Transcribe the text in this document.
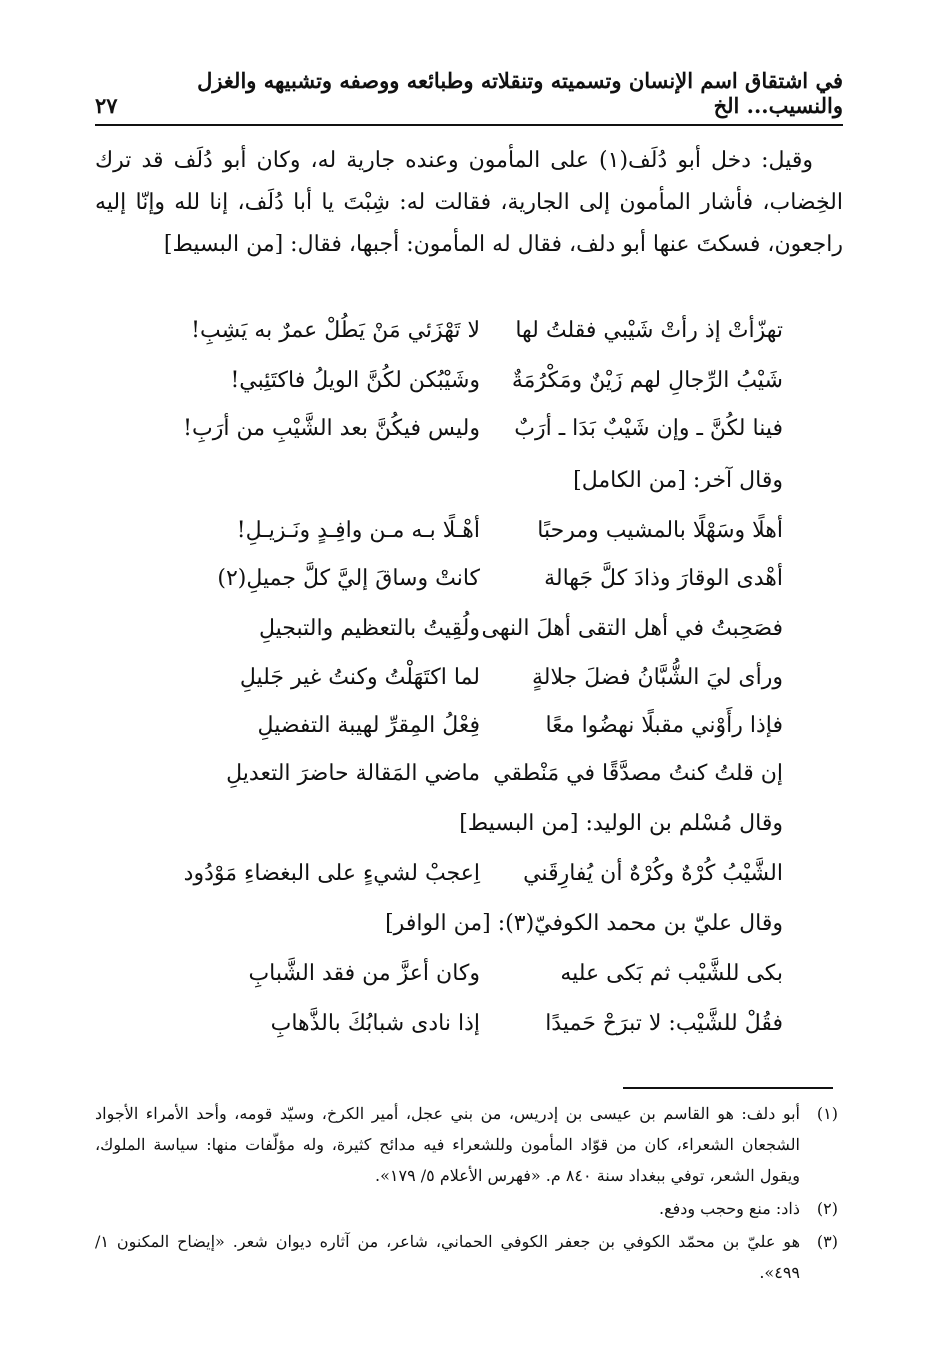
في اشتقاق اسم الإنسان وتسميته وتنقلاته وطبائعه ووصفه وتشبيهه والغزل والنسيب... الخ
٢٧

وقيل: دخل أبو دُلَف(١) على المأمون وعنده جارية له، وكان أبو دُلَف قد ترك الخِضاب، فأشار المأمون إلى الجارية، فقالت له: شِبْتَ يا أبا دُلَف، إنا لله وإنّا إليه راجعون، فسكتَ عنها أبو دلف، فقال له المأمون: أجبها، فقال: [من البسيط]

تهزّأتْ إذ رأتْ شَيْبي فقلتُ لها
لا تَهْزَئي مَنْ يَطُلْ عمرٌ به يَشِبِ!
شَيْبُ الرِّجالِ لهم زَيْنٌ ومَكْرُمَةٌ
وشَيْبُكن لكُنَّ الويلُ فاكتَئِبي!
فينا لكُنَّ ـ وإن شَيْبٌ بَدَا ـ أرَبٌ
وليس فيكُنَّ بعد الشَّيْبِ من أرَبِ!
وقال آخر: [من الكامل]
أهلًا وسَهْلًا بالمشيب ومرحبًا
أهْـلًا بـه مـن وافِـدٍ ونَـزيـلِ!
أهْدى الوقارَ وذادَ كلَّ جَهالة
كانتْ وساقَ إليَّ كلَّ جميلِ(٢)
فصَحِبتُ في أهل التقى أهلَ النهى
ولُقِيتُ بالتعظيم والتبجيلِ
ورأى ليَ الشُّبَّانُ فضلَ جلالةٍ
لما اكتَهَلْتُ وكنتُ غير جَليلِ
فإذا رأَوْني مقبلًا نهضُوا معًا
فِعْلُ المِقرِّ لهيبة التفضيلِ
إن قلتُ كنتُ مصدَّقًا في مَنْطقي
ماضي المَقالة حاضرَ التعديلِ
وقال مُسْلم بن الوليد: [من البسيط]
الشَّيْبُ كُرْهٌ وكُرْهٌ أن يُفارِقَني
اِعجبْ لشيءٍ على البغضاءِ مَوْدُود
وقال عليّ بن محمد الكوفيّ(٣): [من الوافر]
بكى للشَّيْب ثم بَكى عليه
وكان أعزَّ من فقد الشَّبابِ
فقُلْ للشَّيْب: لا تبرَحْ حَميدًا
إذا نادى شبابُكَ بالذَّهابِ
(١)
أبو دلف: هو القاسم بن عيسى بن إدريس، من بني عجل، أمير الكرخ، وسيّد قومه، وأحد الأمراء الأجواد الشجعان الشعراء، كان من قوّاد المأمون وللشعراء فيه مدائح كثيرة، وله مؤلّفات منها: سياسة الملوك، ويقول الشعر، توفي ببغداد سنة ٨٤٠ م. «فهرس الأعلام ٥/ ١٧٩».
(٢)
ذاد: منع وحجب ودفع.
(٣)
هو عليّ بن محمّد الكوفي بن جعفر الكوفي الحماني، شاعر، من آثاره ديوان شعر. «إيضاح المكنون ١/ ٤٩٩».
